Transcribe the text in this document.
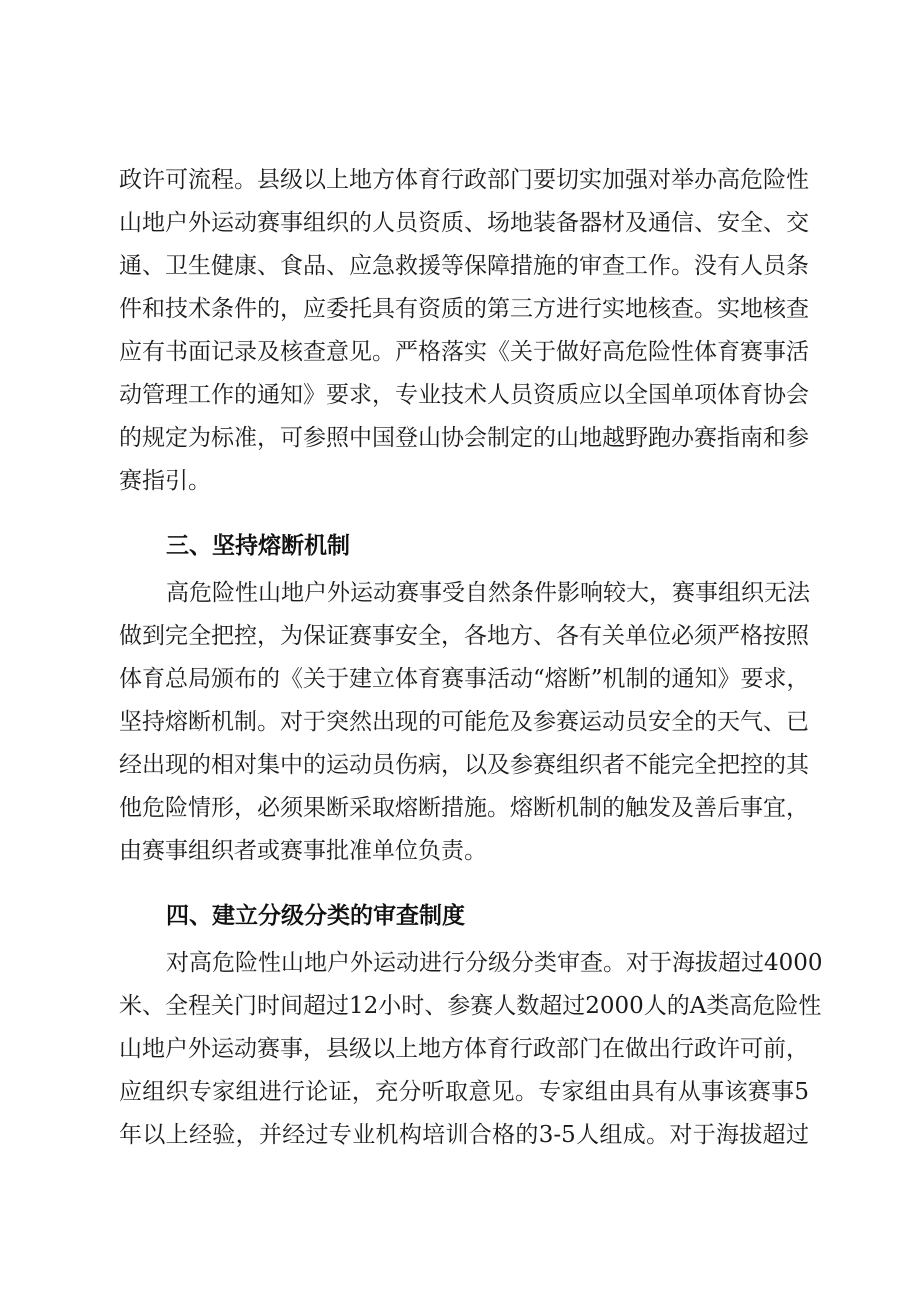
政许可流程。县级以上地方体育行政部门要切实加强对举办高危险性
山地户外运动赛事组织的人员资质、场地装备器材及通信、安全、交
通、卫生健康、食品、应急救援等保障措施的审查工作。没有人员条
件和技术条件的，应委托具有资质的第三方进行实地核查。实地核查
应有书面记录及核查意见。严格落实《关于做好高危险性体育赛事活
动管理工作的通知》要求，专业技术人员资质应以全国单项体育协会
的规定为标准，可参照中国登山协会制定的山地越野跑办赛指南和参
赛指引。
三、坚持熔断机制
高危险性山地户外运动赛事受自然条件影响较大，赛事组织无法
做到完全把控，为保证赛事安全，各地方、各有关单位必须严格按照
体育总局颁布的《关于建立体育赛事活动“熔断”机制的通知》要求，
坚持熔断机制。对于突然出现的可能危及参赛运动员安全的天气、已
经出现的相对集中的运动员伤病，以及参赛组织者不能完全把控的其
他危险情形，必须果断采取熔断措施。熔断机制的触发及善后事宜，
由赛事组织者或赛事批准单位负责。
四、建立分级分类的审查制度
对高危险性山地户外运动进行分级分类审查。对于海拔超过4000
米、全程关门时间超过12小时、参赛人数超过2000人的A类高危险性
山地户外运动赛事，县级以上地方体育行政部门在做出行政许可前，
应组织专家组进行论证，充分听取意见。专家组由具有从事该赛事5
年以上经验，并经过专业机构培训合格的3-5人组成。对于海拔超过
